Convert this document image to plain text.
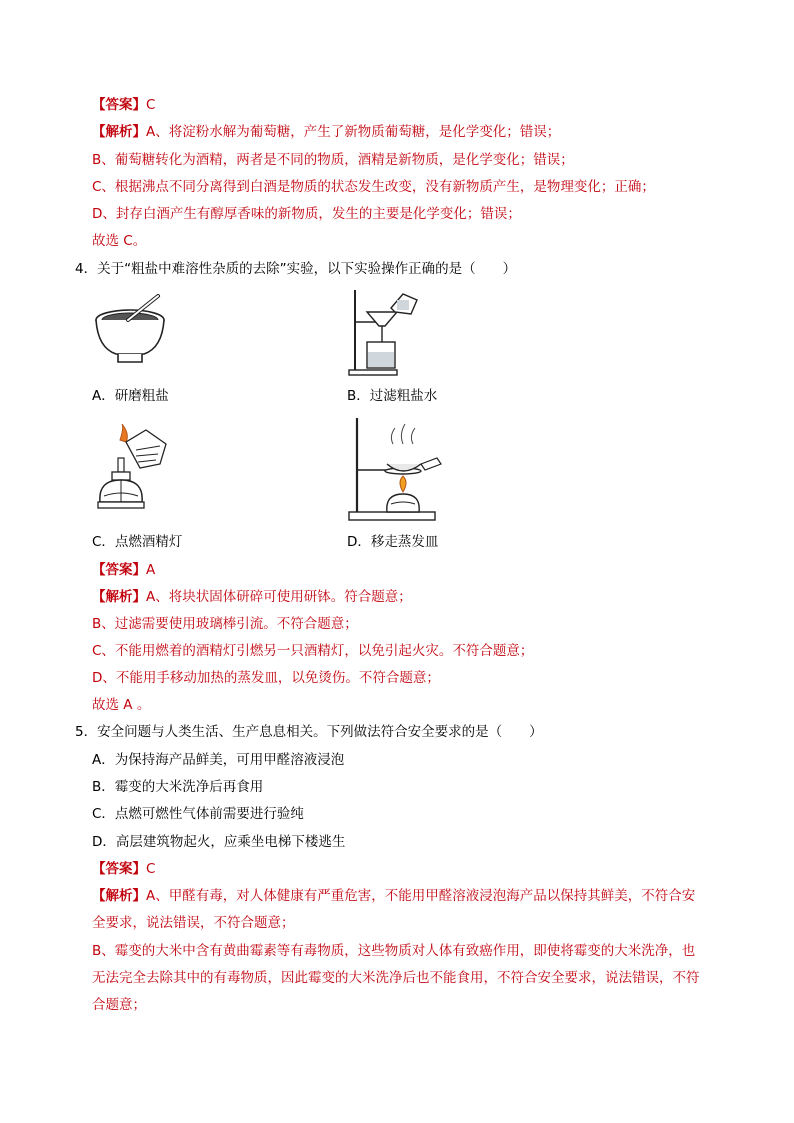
【答案】C
【解析】A、将淀粉水解为葡萄糖，产生了新物质葡萄糖，是化学变化；错误；
B、葡萄糖转化为酒精，两者是不同的物质，酒精是新物质，是化学变化；错误；
C、根据沸点不同分离得到白酒是物质的状态发生改变，没有新物质产生，是物理变化；正确；
D、封存白酒产生有醇厚香味的新物质，发生的主要是化学变化；错误；
故选 C。
4．关于“粗盐中难溶性杂质的去除”实验，以下实验操作正确的是（　　）
A．研磨粗盐	B．过滤粗盐水
C．点燃酒精灯	D．移走蒸发皿
【答案】A
【解析】A、将块状固体研碎可使用研钵。符合题意；
B、过滤需要使用玻璃棒引流。不符合题意；
C、不能用燃着的酒精灯引燃另一只酒精灯，以免引起火灾。不符合题意；
D、不能用手移动加热的蒸发皿，以免烫伤。不符合题意；
故选 A 。
5．安全问题与人类生活、生产息息相关。下列做法符合安全要求的是（　　）
A．为保持海产品鲜美，可用甲醛溶液浸泡
B．霉变的大米洗净后再食用
C．点燃可燃性气体前需要进行验纯
D．高层建筑物起火，应乘坐电梯下楼逃生
【答案】C
【解析】A、甲醛有毒，对人体健康有严重危害，不能用甲醛溶液浸泡海产品以保持其鲜美，不符合安
全要求，说法错误，不符合题意；
B、霉变的大米中含有黄曲霉素等有毒物质，这些物质对人体有致癌作用，即使将霉变的大米洗净，也
无法完全去除其中的有毒物质，因此霉变的大米洗净后也不能食用，不符合安全要求，说法错误，不符
合题意；
